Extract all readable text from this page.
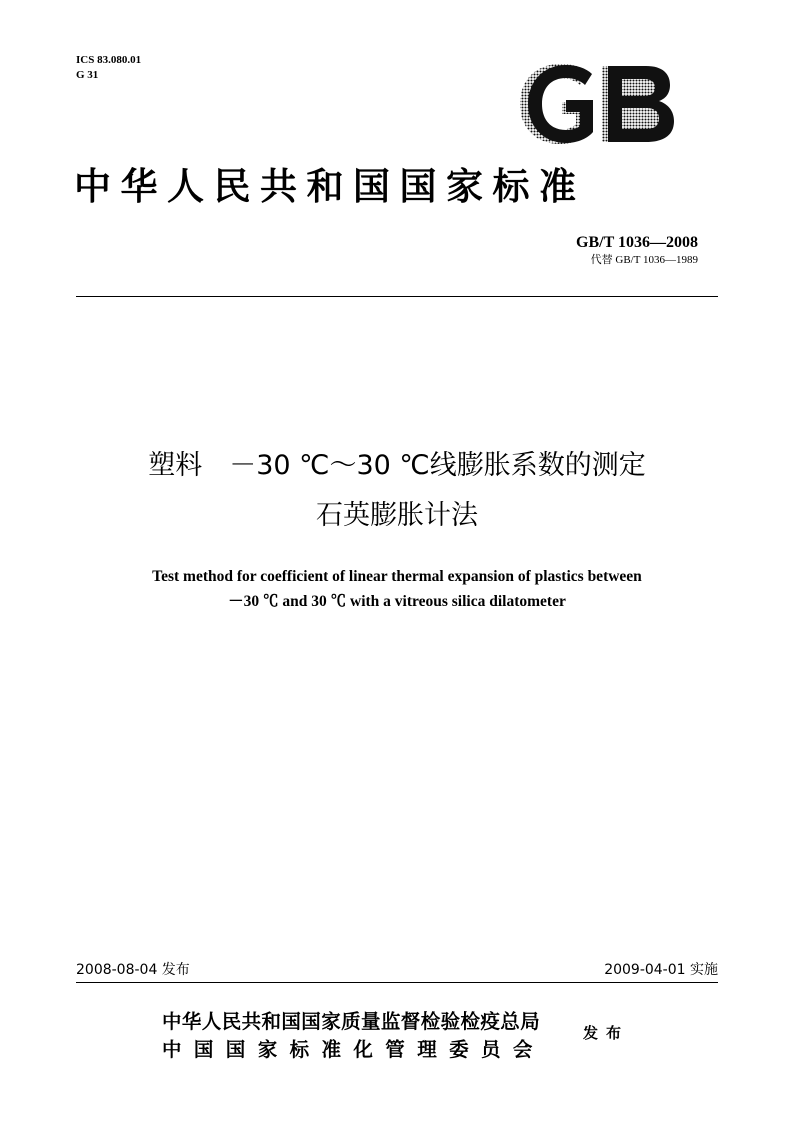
ICS 83.080.01
G 31
中华人民共和国国家标准
GB/T 1036—2008
代替 GB/T 1036—1989
塑料　－30 ℃～30 ℃线膨胀系数的测定
石英膨胀计法
Test method for coefficient of linear thermal expansion of plastics between
－30 ℃ and 30 ℃ with a vitreous silica dilatometer
2008-08-04 发布	2009-04-01 实施
中华人民共和国国家质量监督检验检疫总局
中国国家标准化管理委员会
发布
